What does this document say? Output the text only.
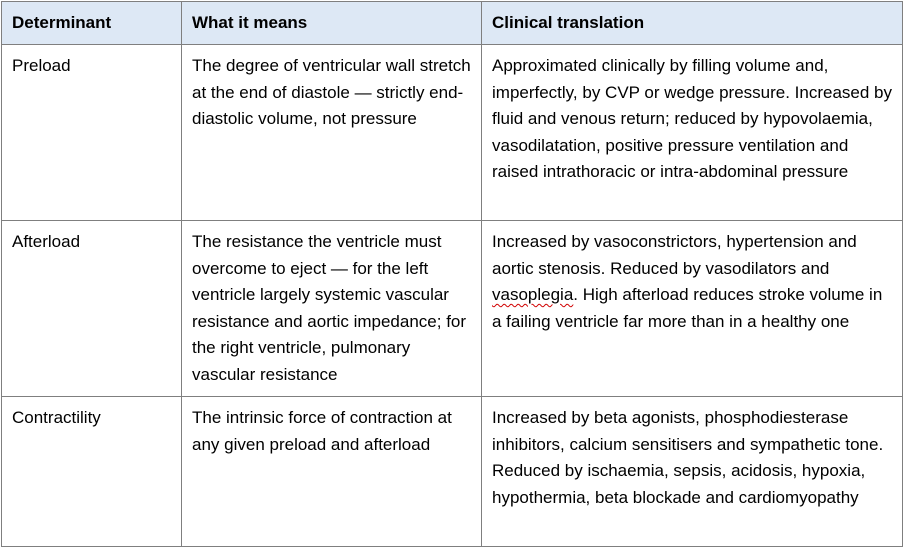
Determinant	What it means	Clinical translation
Preload	The degree of ventricular wall stretch at the end of diastole — strictly end-diastolic volume, not pressure	Approximated clinically by filling volume and, imperfectly, by CVP or wedge pressure. Increased by fluid and venous return; reduced by hypovolaemia, vasodilatation, positive pressure ventilation and raised intrathoracic or intra-abdominal pressure
Afterload	The resistance the ventricle must overcome to eject — for the left ventricle largely systemic vascular resistance and aortic impedance; for the right ventricle, pulmonary vascular resistance	Increased by vasoconstrictors, hypertension and aortic stenosis. Reduced by vasodilators and vasoplegia. High afterload reduces stroke volume in a failing ventricle far more than in a healthy one
Contractility	The intrinsic force of contraction at any given preload and afterload	Increased by beta agonists, phosphodiesterase inhibitors, calcium sensitisers and sympathetic tone. Reduced by ischaemia, sepsis, acidosis, hypoxia, hypothermia, beta blockade and cardiomyopathy
